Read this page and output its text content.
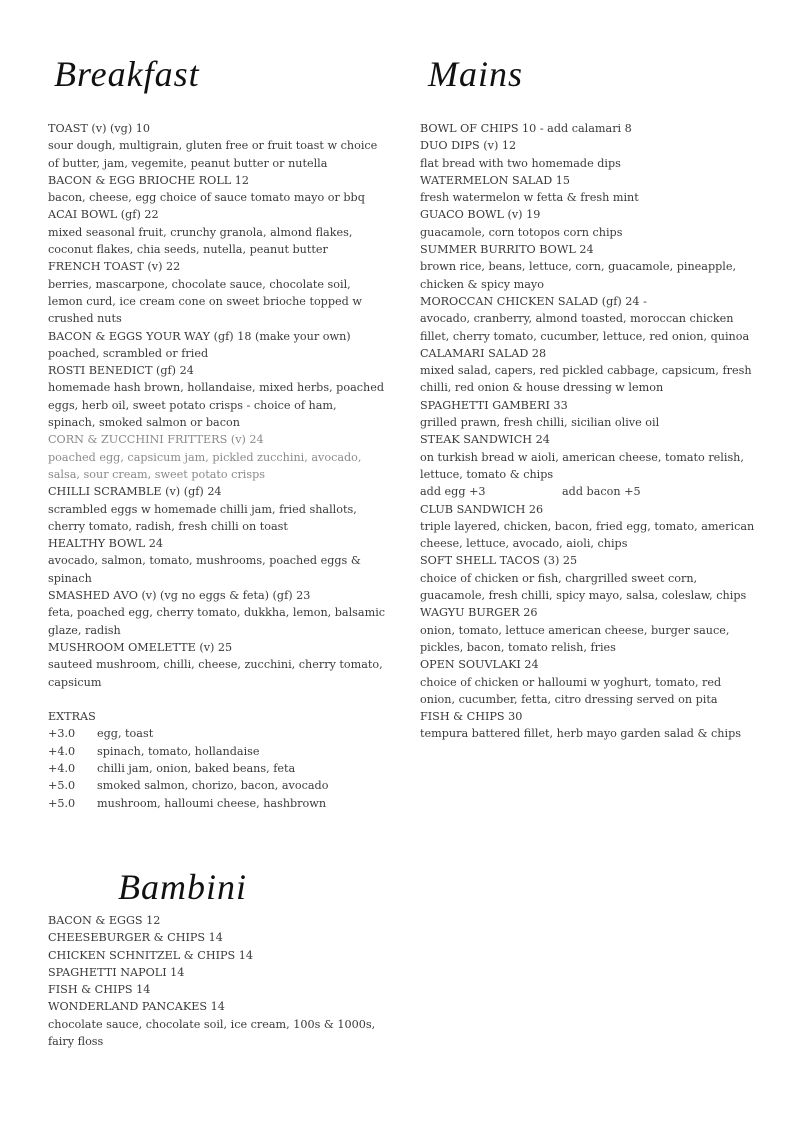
Breakfast
TOAST (v) (vg) 10
sour dough, multigrain, gluten free or fruit toast w choice
of butter, jam, vegemite, peanut butter or nutella
BACON & EGG BRIOCHE ROLL 12
bacon, cheese, egg choice of sauce tomato mayo or bbq
ACAI BOWL (gf) 22
mixed seasonal fruit, crunchy granola, almond flakes,
coconut flakes, chia seeds, nutella, peanut butter
FRENCH TOAST (v) 22
berries, mascarpone, chocolate sauce, chocolate soil,
lemon curd, ice cream cone on sweet brioche topped w
crushed nuts
BACON & EGGS YOUR WAY (gf) 18 (make your own)
poached, scrambled or fried
ROSTI BENEDICT (gf) 24
homemade hash brown, hollandaise, mixed herbs, poached
eggs, herb oil, sweet potato crisps - choice of ham,
spinach, smoked salmon or bacon
CORN & ZUCCHINI FRITTERS (v) 24
poached egg, capsicum jam, pickled zucchini, avocado,
salsa, sour cream, sweet potato crisps
CHILLI SCRAMBLE (v) (gf) 24
scrambled eggs w homemade chilli jam, fried shallots,
cherry tomato, radish, fresh chilli on toast
HEALTHY BOWL 24
avocado, salmon, tomato, mushrooms, poached eggs &
spinach
SMASHED AVO (v) (vg no eggs & feta) (gf) 23
feta, poached egg, cherry tomato, dukkha, lemon, balsamic
glaze, radish
MUSHROOM OMELETTE (v) 25
sauteed mushroom, chilli, cheese, zucchini, cherry tomato,
capsicum
EXTRAS
+3.0	egg, toast
+4.0	spinach, tomato, hollandaise
+4.0	chilli jam, onion, baked beans, feta
+5.0	smoked salmon, chorizo, bacon, avocado
+5.0	mushroom, halloumi cheese, hashbrown
Mains
BOWL OF CHIPS 10 - add calamari 8
DUO DIPS (v) 12
flat bread with two homemade dips
WATERMELON SALAD 15
fresh watermelon w fetta & fresh mint
GUACO BOWL (v) 19
guacamole, corn totopos corn chips
SUMMER BURRITO BOWL 24
brown rice, beans, lettuce, corn, guacamole, pineapple,
chicken & spicy mayo
MOROCCAN CHICKEN SALAD (gf) 24 -
avocado, cranberry, almond toasted, moroccan chicken
fillet, cherry tomato, cucumber, lettuce, red onion, quinoa
CALAMARI SALAD 28
mixed salad, capers, red pickled cabbage, capsicum, fresh
chilli, red onion & house dressing w lemon
SPAGHETTI GAMBERI 33
grilled prawn, fresh chilli, sicilian olive oil
STEAK SANDWICH 24
on turkish bread w aioli, american cheese, tomato relish,
lettuce, tomato & chips
add egg +3	add bacon +5
CLUB SANDWICH 26
triple layered, chicken, bacon, fried egg, tomato, american
cheese, lettuce, avocado, aioli, chips
SOFT SHELL TACOS (3) 25
choice of chicken or fish, chargrilled sweet corn,
guacamole, fresh chilli, spicy mayo, salsa, coleslaw, chips
WAGYU BURGER 26
onion, tomato, lettuce american cheese, burger sauce,
pickles, bacon, tomato relish, fries
OPEN SOUVLAKI 24
choice of chicken or halloumi w yoghurt, tomato, red
onion, cucumber, fetta, citro dressing served on pita
FISH & CHIPS 30
tempura battered fillet, herb mayo garden salad & chips
Bambini
BACON & EGGS 12
CHEESEBURGER & CHIPS 14
CHICKEN SCHNITZEL & CHIPS 14
SPAGHETTI NAPOLI 14
FISH & CHIPS 14
WONDERLAND PANCAKES 14
chocolate sauce, chocolate soil, ice cream, 100s & 1000s,
fairy floss
